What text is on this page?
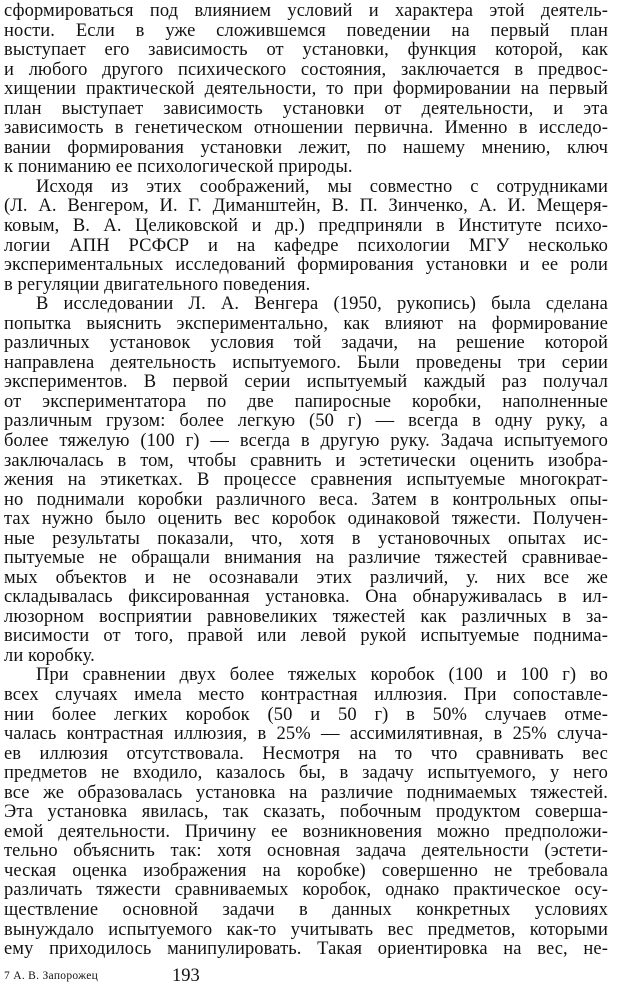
сформироваться под влиянием условий и характера этой деятель-
ности. Если в уже сложившемся поведении на первый план
выступает его зависимость от установки, функция которой, как
и любого другого психического состояния, заключается в предвос-
хищении практической деятельности, то при формировании на первый
план выступает зависимость установки от деятельности, и эта
зависимость в генетическом отношении первична. Именно в исследо-
вании формирования установки лежит, по нашему мнению, ключ
к пониманию ее психологической природы.
Исходя из этих соображений, мы совместно с сотрудниками
(Л. А. Венгером, И. Г. Диманштейн, В. П. Зинченко, А. И. Мещеря-
ковым, В. А. Целиковской и др.) предприняли в Институте психо-
логии АПН РСФСР и на кафедре психологии МГУ несколько
экспериментальных исследований формирования установки и ее роли
в регуляции двигательного поведения.
В исследовании Л. А. Венгера (1950, рукопись) была сделана
попытка выяснить экспериментально, как влияют на формирование
различных установок условия той задачи, на решение которой
направлена деятельность испытуемого. Были проведены три серии
экспериментов. В первой серии испытуемый каждый раз получал
от экспериментатора по две папиросные коробки, наполненные
различным грузом: более легкую (50 г) — всегда в одну руку, а
более тяжелую (100 г) — всегда в другую руку. Задача испытуемого
заключалась в том, чтобы сравнить и эстетически оценить изобра-
жения на этикетках. В процессе сравнения испытуемые многократ-
но поднимали коробки различного веса. Затем в контрольных опы-
тах нужно было оценить вес коробок одинаковой тяжести. Получен-
ные результаты показали, что, хотя в установочных опытах ис-
пытуемые не обращали внимания на различие тяжестей сравнивае-
мых объектов и не осознавали этих различий, у. них все же
складывалась фиксированная установка. Она обнаруживалась в ил-
люзорном восприятии равновеликих тяжестей как различных в за-
висимости от того, правой или левой рукой испытуемые поднима-
ли коробку.
При сравнении двух более тяжелых коробок (100 и 100 г) во
всех случаях имела место контрастная иллюзия. При сопоставле-
нии более легких коробок (50 и 50 г) в 50% случаев отме-
чалась контрастная иллюзия, в 25% — ассимилятивная, в 25% случа-
ев иллюзия отсутствовала. Несмотря на то что сравнивать вес
предметов не входило, казалось бы, в задачу испытуемого, у него
все же образовалась установка на различие поднимаемых тяжестей.
Эта установка явилась, так сказать, побочным продуктом соверша-
емой деятельности. Причину ее возникновения можно предположи-
тельно объяснить так: хотя основная задача деятельности (эстети-
ческая оценка изображения на коробке) совершенно не требовала
различать тяжести сравниваемых коробок, однако практическое осу-
ществление основной задачи в данных конкретных условиях
7 А. В. Запорожец	193
вынуждало испытуемого как-то учитывать вес предметов, которыми
ему приходилось манипулировать. Такая ориентировка на вес, не-
